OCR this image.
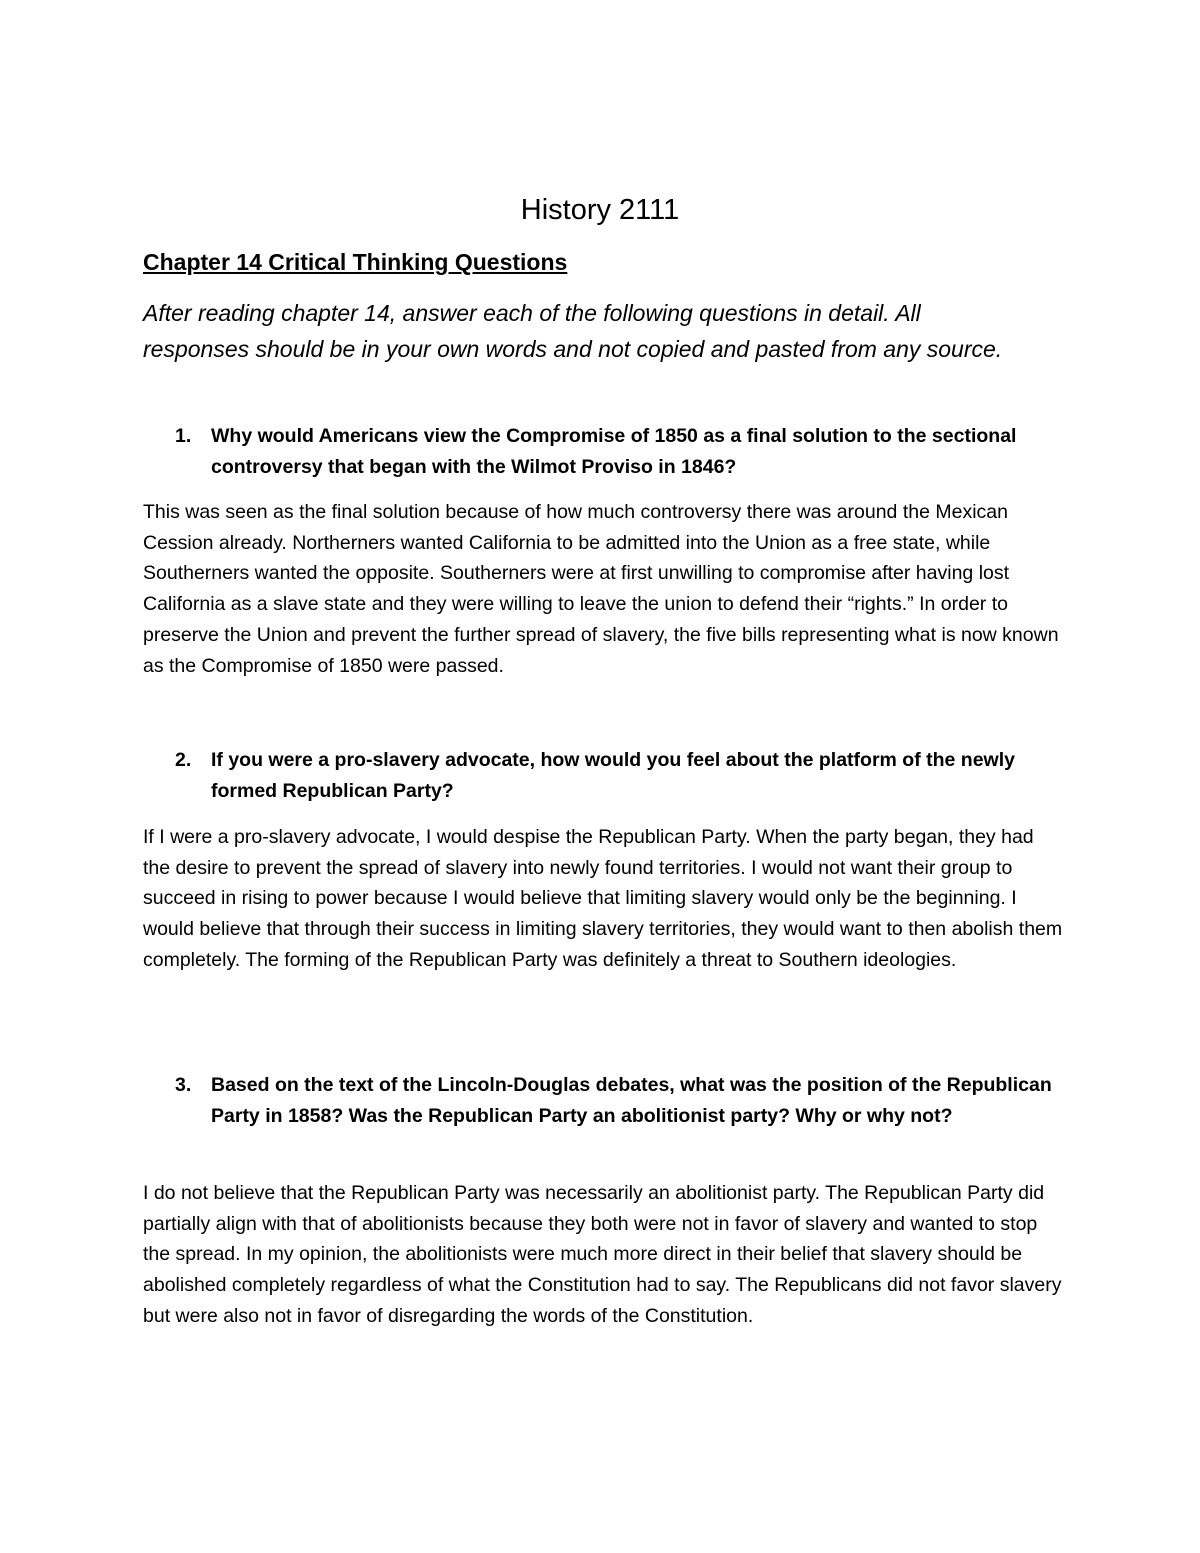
History 2111
Chapter 14 Critical Thinking Questions

After reading chapter 14, answer each of the following questions in detail. All responses should be in your own words and not copied and pasted from any source.

1.	Why would Americans view the Compromise of 1850 as a final solution to the sectional controversy that began with the Wilmot Proviso in 1846?

This was seen as the final solution because of how much controversy there was around the Mexican Cession already. Northerners wanted California to be admitted into the Union as a free state, while Southerners wanted the opposite. Southerners were at first unwilling to compromise after having lost California as a slave state and they were willing to leave the union to defend their “rights.” In order to preserve the Union and prevent the further spread of slavery, the five bills representing what is now known as the Compromise of 1850 were passed.

2.	If you were a pro-slavery advocate, how would you feel about the platform of the newly formed Republican Party?

If I were a pro-slavery advocate, I would despise the Republican Party. When the party began, they had the desire to prevent the spread of slavery into newly found territories. I would not want their group to succeed in rising to power because I would believe that limiting slavery would only be the beginning. I would believe that through their success in limiting slavery territories, they would want to then abolish them completely. The forming of the Republican Party was definitely a threat to Southern ideologies.

3.	Based on the text of the Lincoln-Douglas debates, what was the position of the Republican Party in 1858? Was the Republican Party an abolitionist party? Why or why not?

I do not believe that the Republican Party was necessarily an abolitionist party. The Republican Party did partially align with that of abolitionists because they both were not in favor of slavery and wanted to stop the spread. In my opinion, the abolitionists were much more direct in their belief that slavery should be abolished completely regardless of what the Constitution had to say. The Republicans did not favor slavery but were also not in favor of disregarding the words of the Constitution.
